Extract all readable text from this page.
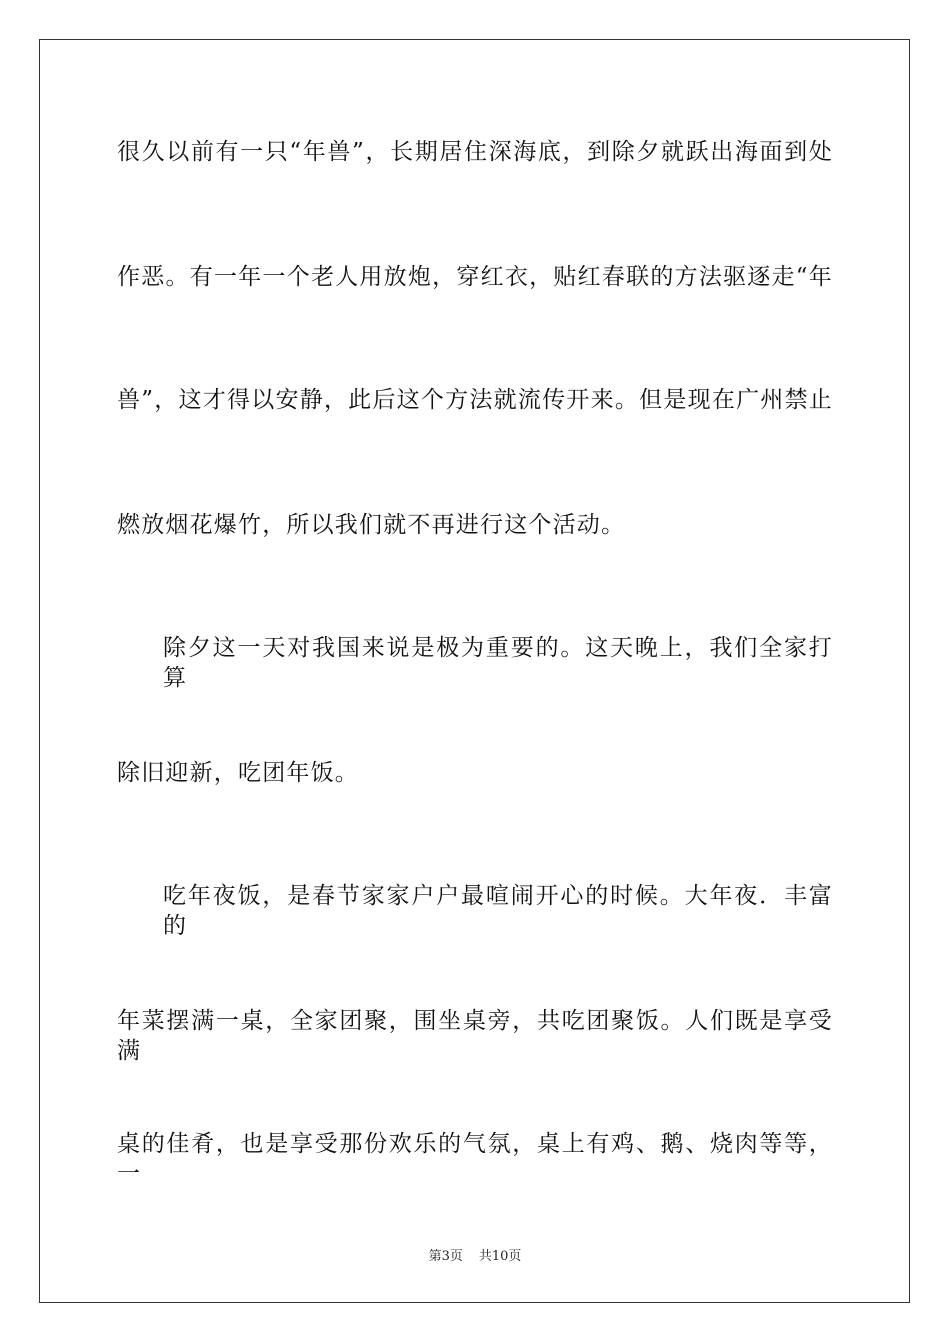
很久以前有一只“年兽”，长期居住深海底，到除夕就跃出海面到处
作恶。有一年一个老人用放炮，穿红衣，贴红春联的方法驱逐走“年
兽”，这才得以安静，此后这个方法就流传开来。但是现在广州禁止
燃放烟花爆竹，所以我们就不再进行这个活动。
除夕这一天对我国来说是极为重要的。这天晚上，我们全家打算
除旧迎新，吃团年饭。
吃年夜饭，是春节家家户户最喧闹开心的时候。大年夜．丰富的
年菜摆满一桌，全家团聚，围坐桌旁，共吃团聚饭。人们既是享受满
桌的佳肴，也是享受那份欢乐的气氛，桌上有鸡、鹅、烧肉等等，一
第3页 共10页
